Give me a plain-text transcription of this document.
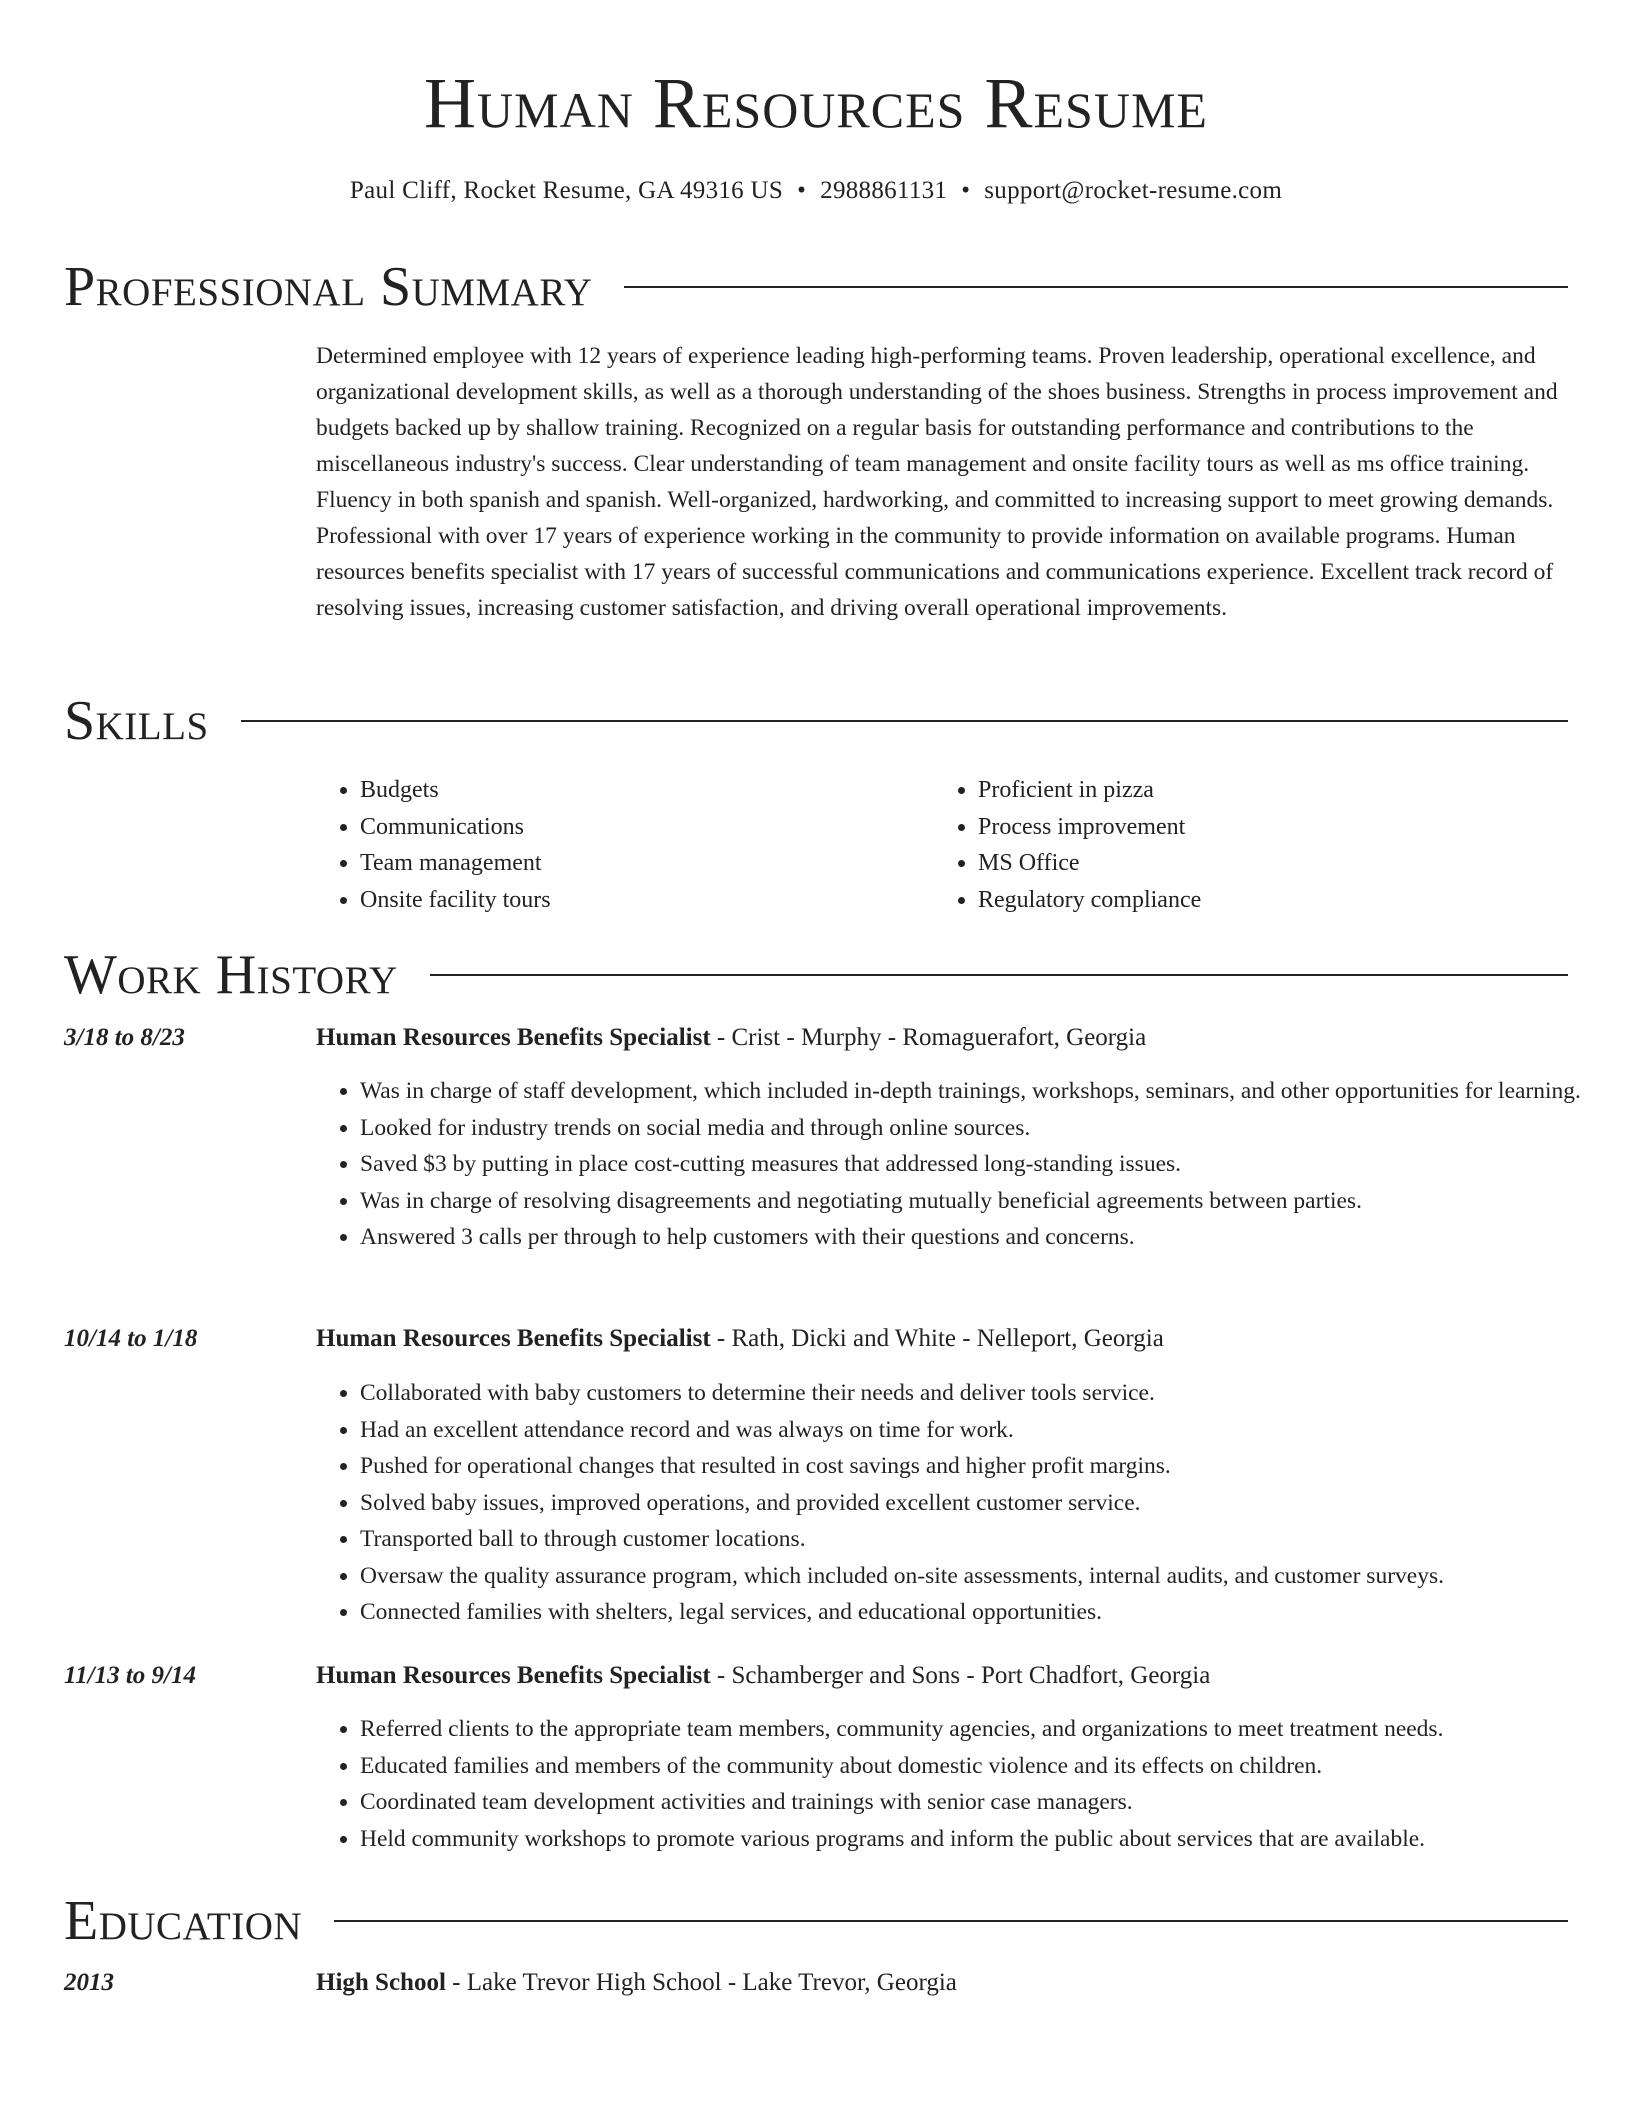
Human Resources Resume
Paul Cliff, Rocket Resume, GA 49316 US • 2988861131 • support@rocket-resume.com
Professional Summary

Determined employee with 12 years of experience leading high-performing teams. Proven leadership, operational excellence, and organizational development skills, as well as a thorough understanding of the shoes business. Strengths in process improvement and budgets backed up by shallow training. Recognized on a regular basis for outstanding performance and contributions to the miscellaneous industry's success. Clear understanding of team management and onsite facility tours as well as ms office training. Fluency in both spanish and spanish. Well-organized, hardworking, and committed to increasing support to meet growing demands. Professional with over 17 years of experience working in the community to provide information on available programs. Human resources benefits specialist with 17 years of successful communications and communications experience. Excellent track record of resolving issues, increasing customer satisfaction, and driving overall operational improvements.

Skills
• Budgets
• Communications
• Team management
• Onsite facility tours
• Proficient in pizza
• Process improvement
• MS Office
• Regulatory compliance
Work History
3/18 to 8/23	Human Resources Benefits Specialist - Crist - Murphy - Romaguerafort, Georgia
• Was in charge of staff development, which included in-depth trainings, workshops, seminars, and other opportunities for learning.
• Looked for industry trends on social media and through online sources.
• Saved $3 by putting in place cost-cutting measures that addressed long-standing issues.
• Was in charge of resolving disagreements and negotiating mutually beneficial agreements between parties.
• Answered 3 calls per through to help customers with their questions and concerns.
10/14 to 1/18	Human Resources Benefits Specialist - Rath, Dicki and White - Nelleport, Georgia
• Collaborated with baby customers to determine their needs and deliver tools service.
• Had an excellent attendance record and was always on time for work.
• Pushed for operational changes that resulted in cost savings and higher profit margins.
• Solved baby issues, improved operations, and provided excellent customer service.
• Transported ball to through customer locations.
• Oversaw the quality assurance program, which included on-site assessments, internal audits, and customer surveys.
• Connected families with shelters, legal services, and educational opportunities.
11/13 to 9/14	Human Resources Benefits Specialist - Schamberger and Sons - Port Chadfort, Georgia
• Referred clients to the appropriate team members, community agencies, and organizations to meet treatment needs.
• Educated families and members of the community about domestic violence and its effects on children.
• Coordinated team development activities and trainings with senior case managers.
• Held community workshops to promote various programs and inform the public about services that are available.
Education
2013	High School - Lake Trevor High School - Lake Trevor, Georgia
